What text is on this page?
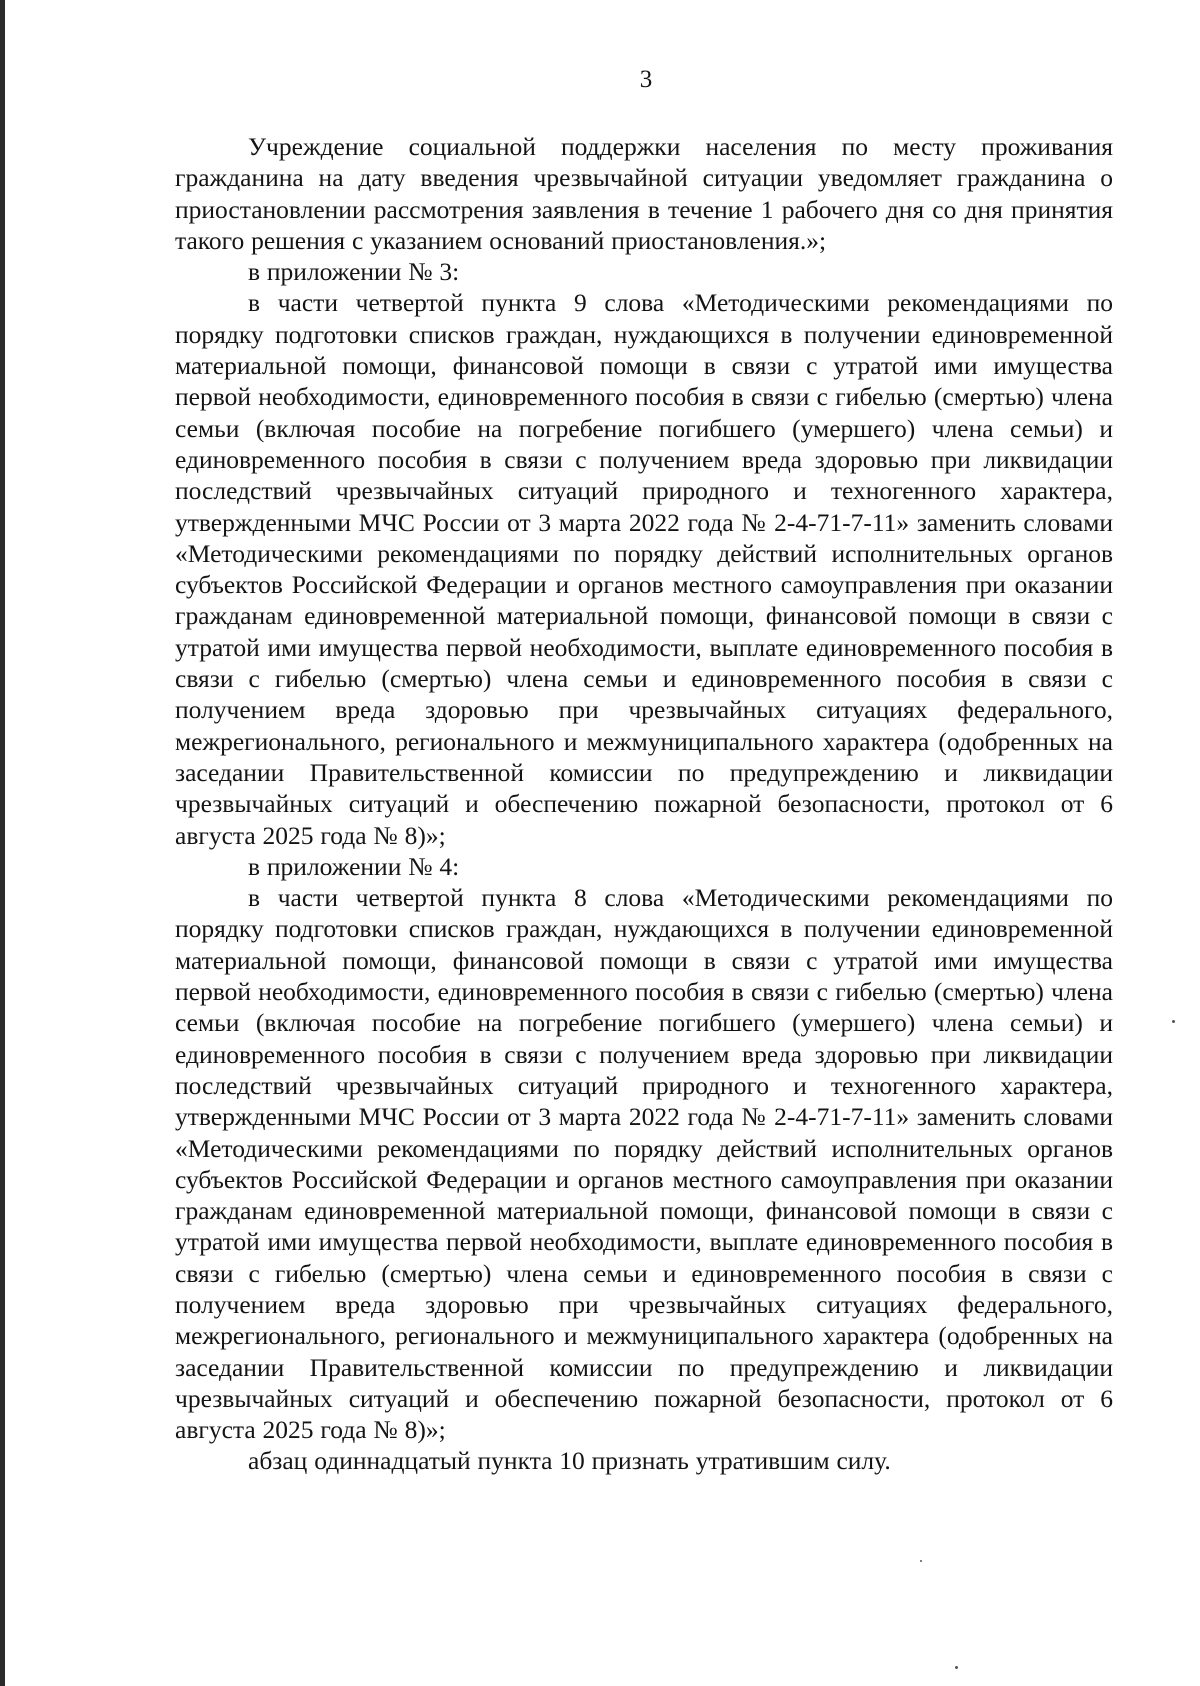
3

Учреждение социальной поддержки населения по месту проживания гражданина на дату введения чрезвычайной ситуации уведомляет гражданина о приостановлении рассмотрения заявления в течение 1 рабочего дня со дня принятия такого решения с указанием оснований приостановления.»;

в приложении № 3:

в части четвертой пункта 9 слова «Методическими рекомендациями по порядку подготовки списков граждан, нуждающихся в получении единовременной материальной помощи, финансовой помощи в связи с утратой ими имущества первой необходимости, единовременного пособия в связи с гибелью (смертью) члена семьи (включая пособие на погребение погибшего (умершего) члена семьи) и единовременного пособия в связи с получением вреда здоровью при ликвидации последствий чрезвычайных ситуаций природного и техногенного характера, утвержденными МЧС России от 3 марта 2022 года № 2-4-71-7-11» заменить словами «Методическими рекомендациями по порядку действий исполнительных органов субъектов Российской Федерации и органов местного самоуправления при оказании гражданам единовременной материальной помощи, финансовой помощи в связи с утратой ими имущества первой необходимости, выплате единовременного пособия в связи с гибелью (смертью) члена семьи и единовременного пособия в связи с получением вреда здоровью при чрезвычайных ситуациях федерального, межрегионального, регионального и межмуниципального характера (одобренных на заседании Правительственной комиссии по предупреждению и ликвидации чрезвычайных ситуаций и обеспечению пожарной безопасности, протокол от 6 августа 2025 года № 8)»;

в приложении № 4:

в части четвертой пункта 8 слова «Методическими рекомендациями по порядку подготовки списков граждан, нуждающихся в получении единовременной материальной помощи, финансовой помощи в связи с утратой ими имущества первой необходимости, единовременного пособия в связи с гибелью (смертью) члена семьи (включая пособие на погребение погибшего (умершего) члена семьи) и единовременного пособия в связи с получением вреда здоровью при ликвидации последствий чрезвычайных ситуаций природного и техногенного характера, утвержденными МЧС России от 3 марта 2022 года № 2-4-71-7-11» заменить словами «Методическими рекомендациями по порядку действий исполнительных органов субъектов Российской Федерации и органов местного самоуправления при оказании гражданам единовременной материальной помощи, финансовой помощи в связи с утратой ими имущества первой необходимости, выплате единовременного пособия в связи с гибелью (смертью) члена семьи и единовременного пособия в связи с получением вреда здоровью при чрезвычайных ситуациях федерального, межрегионального, регионального и межмуниципального характера (одобренных на заседании Правительственной комиссии по предупреждению и ликвидации чрезвычайных ситуаций и обеспечению пожарной безопасности, протокол от 6 августа 2025 года № 8)»;

абзац одиннадцатый пункта 10 признать утратившим силу.
